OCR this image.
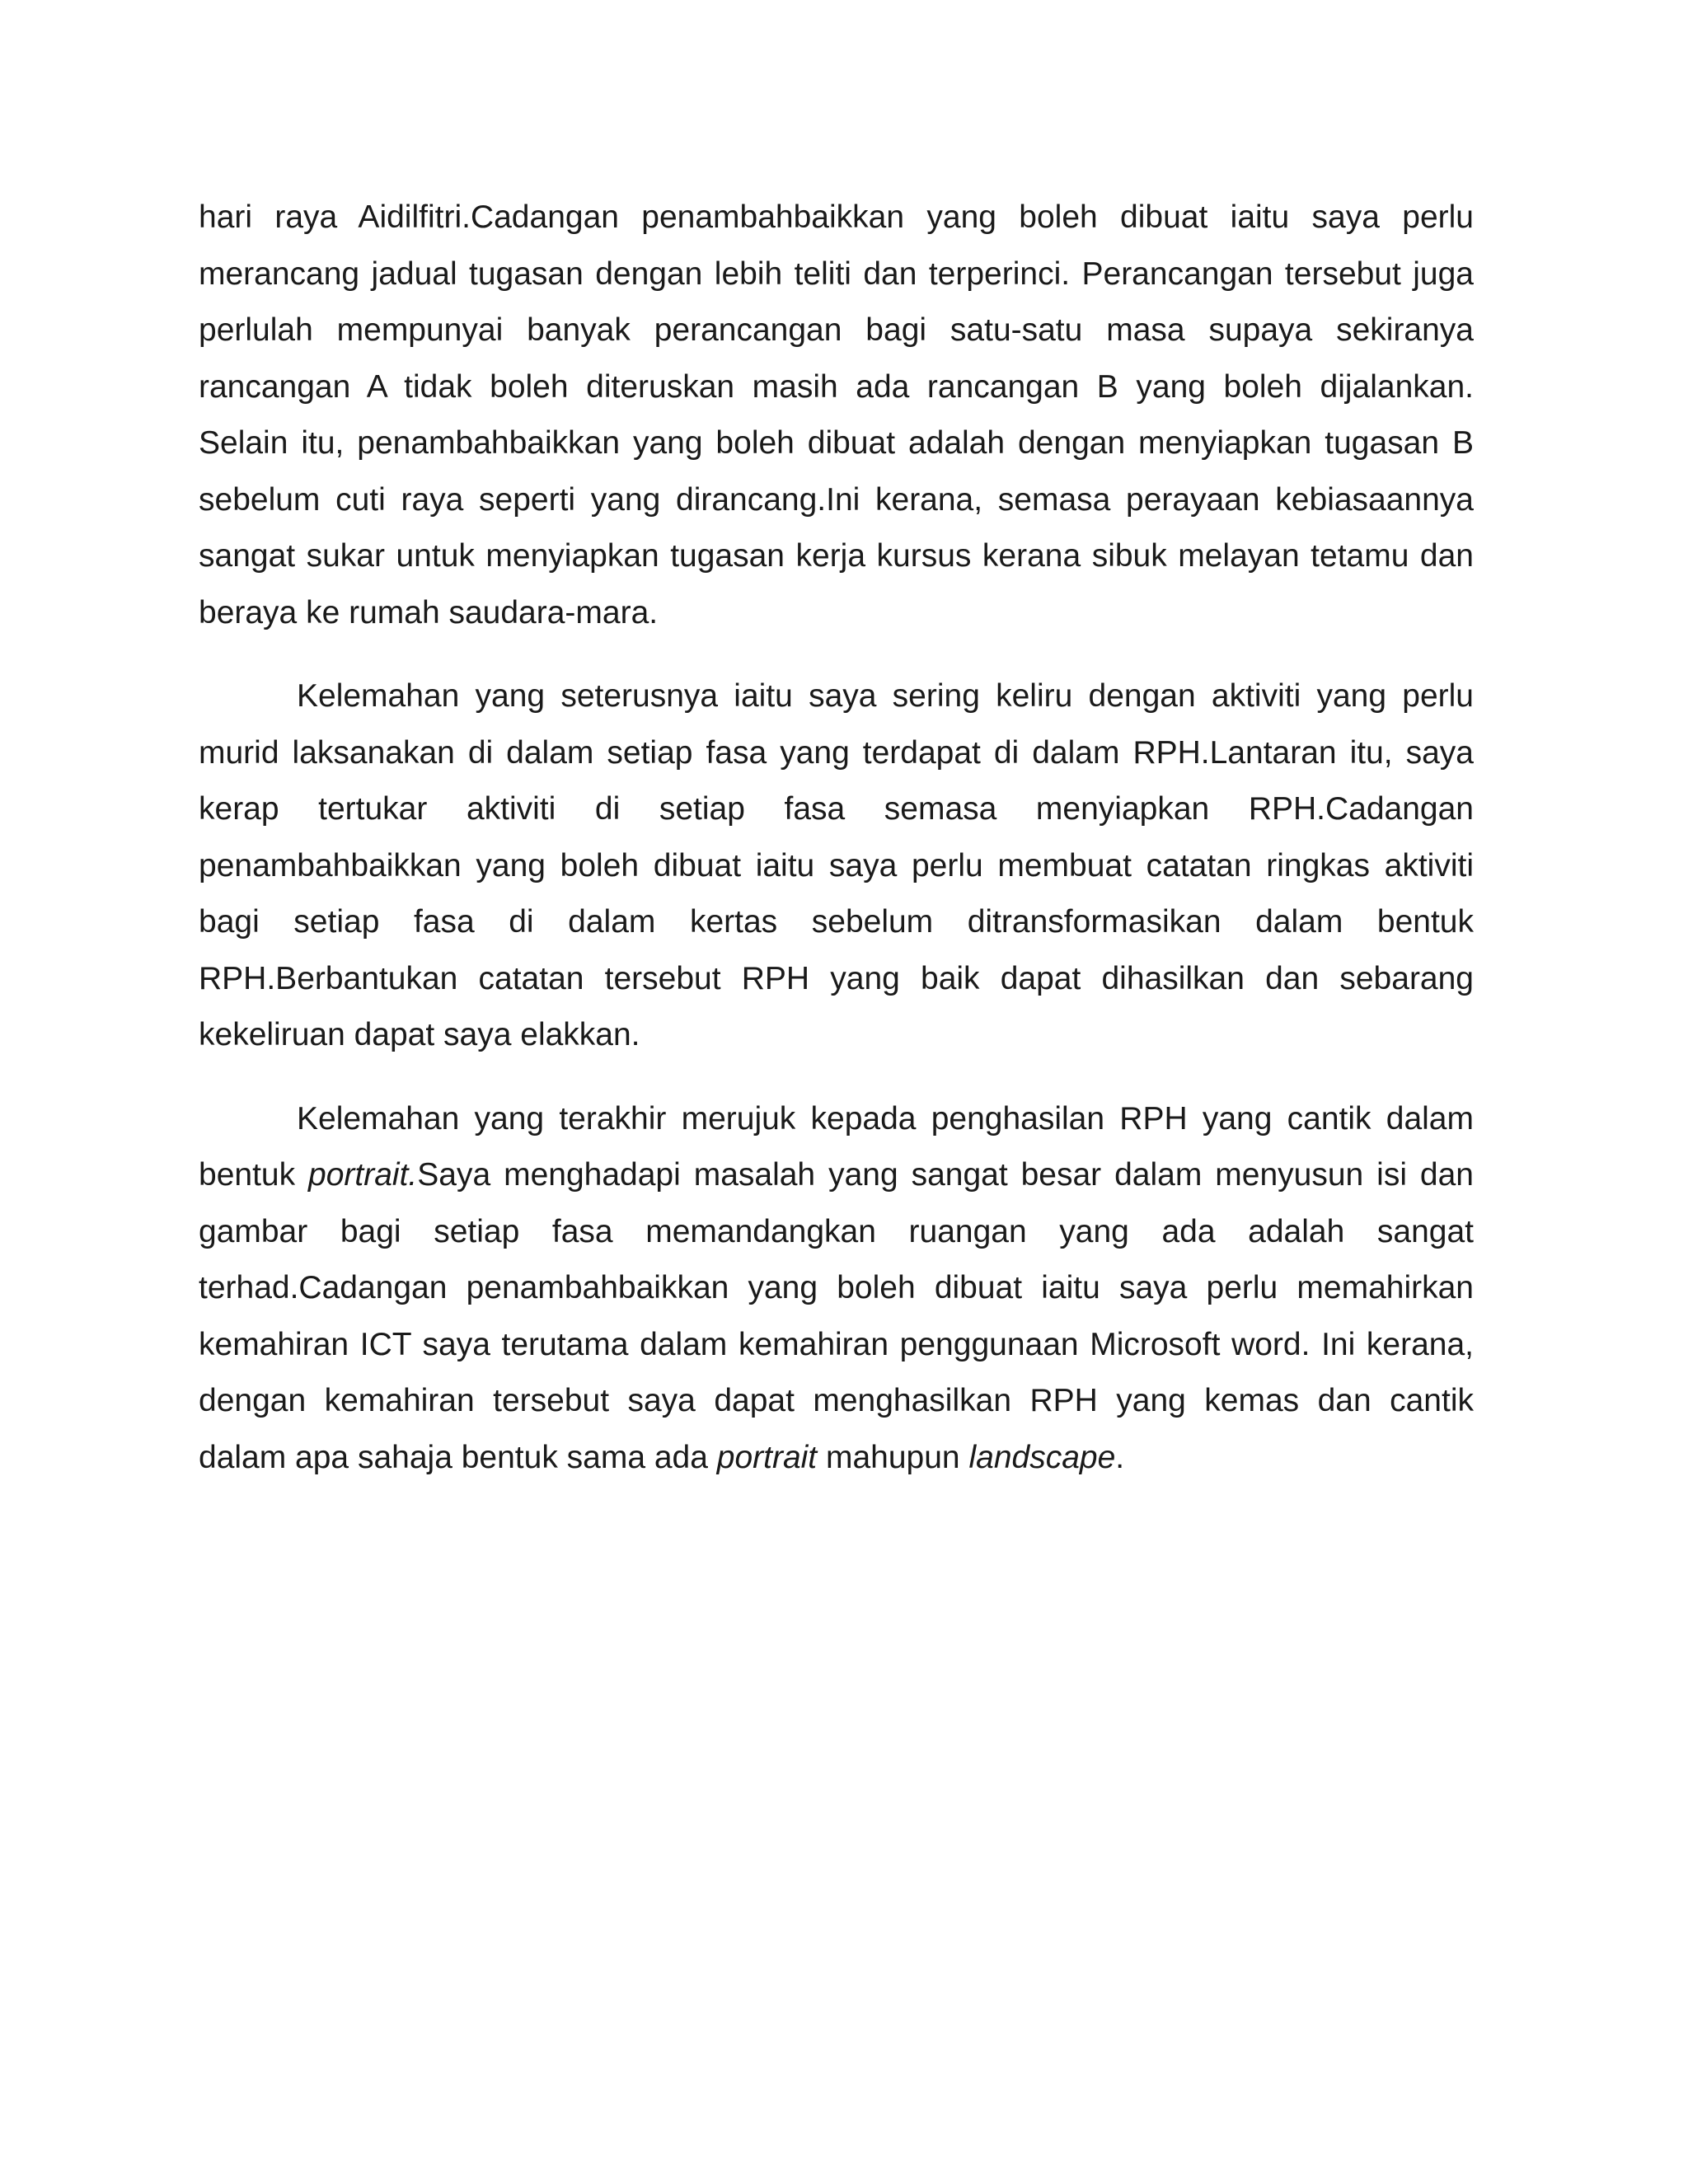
hari raya Aidilfitri.Cadangan penambahbaikkan yang boleh dibuat iaitu saya perlu merancang jadual tugasan dengan lebih teliti dan terperinci. Perancangan tersebut juga perlulah mempunyai banyak perancangan bagi satu-satu masa supaya sekiranya rancangan A tidak boleh diteruskan masih ada rancangan B yang boleh dijalankan. Selain itu, penambahbaikkan yang boleh dibuat adalah dengan menyiapkan tugasan B sebelum cuti raya seperti yang dirancang.Ini kerana, semasa perayaan kebiasaannya sangat sukar untuk menyiapkan tugasan kerja kursus kerana sibuk melayan tetamu dan beraya ke rumah saudara-mara.

Kelemahan yang seterusnya iaitu saya sering keliru dengan aktiviti yang perlu murid laksanakan di dalam setiap fasa yang terdapat di dalam RPH.Lantaran itu, saya kerap tertukar aktiviti di setiap fasa semasa menyiapkan RPH.Cadangan penambahbaikkan yang boleh dibuat iaitu saya perlu membuat catatan ringkas aktiviti bagi setiap fasa di dalam kertas sebelum ditransformasikan dalam bentuk RPH.Berbantukan catatan tersebut RPH yang baik dapat dihasilkan dan sebarang kekeliruan dapat saya elakkan.

Kelemahan yang terakhir merujuk kepada penghasilan RPH yang cantik dalam bentuk portrait.Saya menghadapi masalah yang sangat besar dalam menyusun isi dan gambar bagi setiap fasa memandangkan ruangan yang ada adalah sangat terhad.Cadangan penambahbaikkan yang boleh dibuat iaitu saya perlu memahirkan kemahiran ICT saya terutama dalam kemahiran penggunaan Microsoft word. Ini kerana, dengan kemahiran tersebut saya dapat menghasilkan RPH yang kemas dan cantik dalam apa sahaja bentuk sama ada portrait mahupun landscape.
